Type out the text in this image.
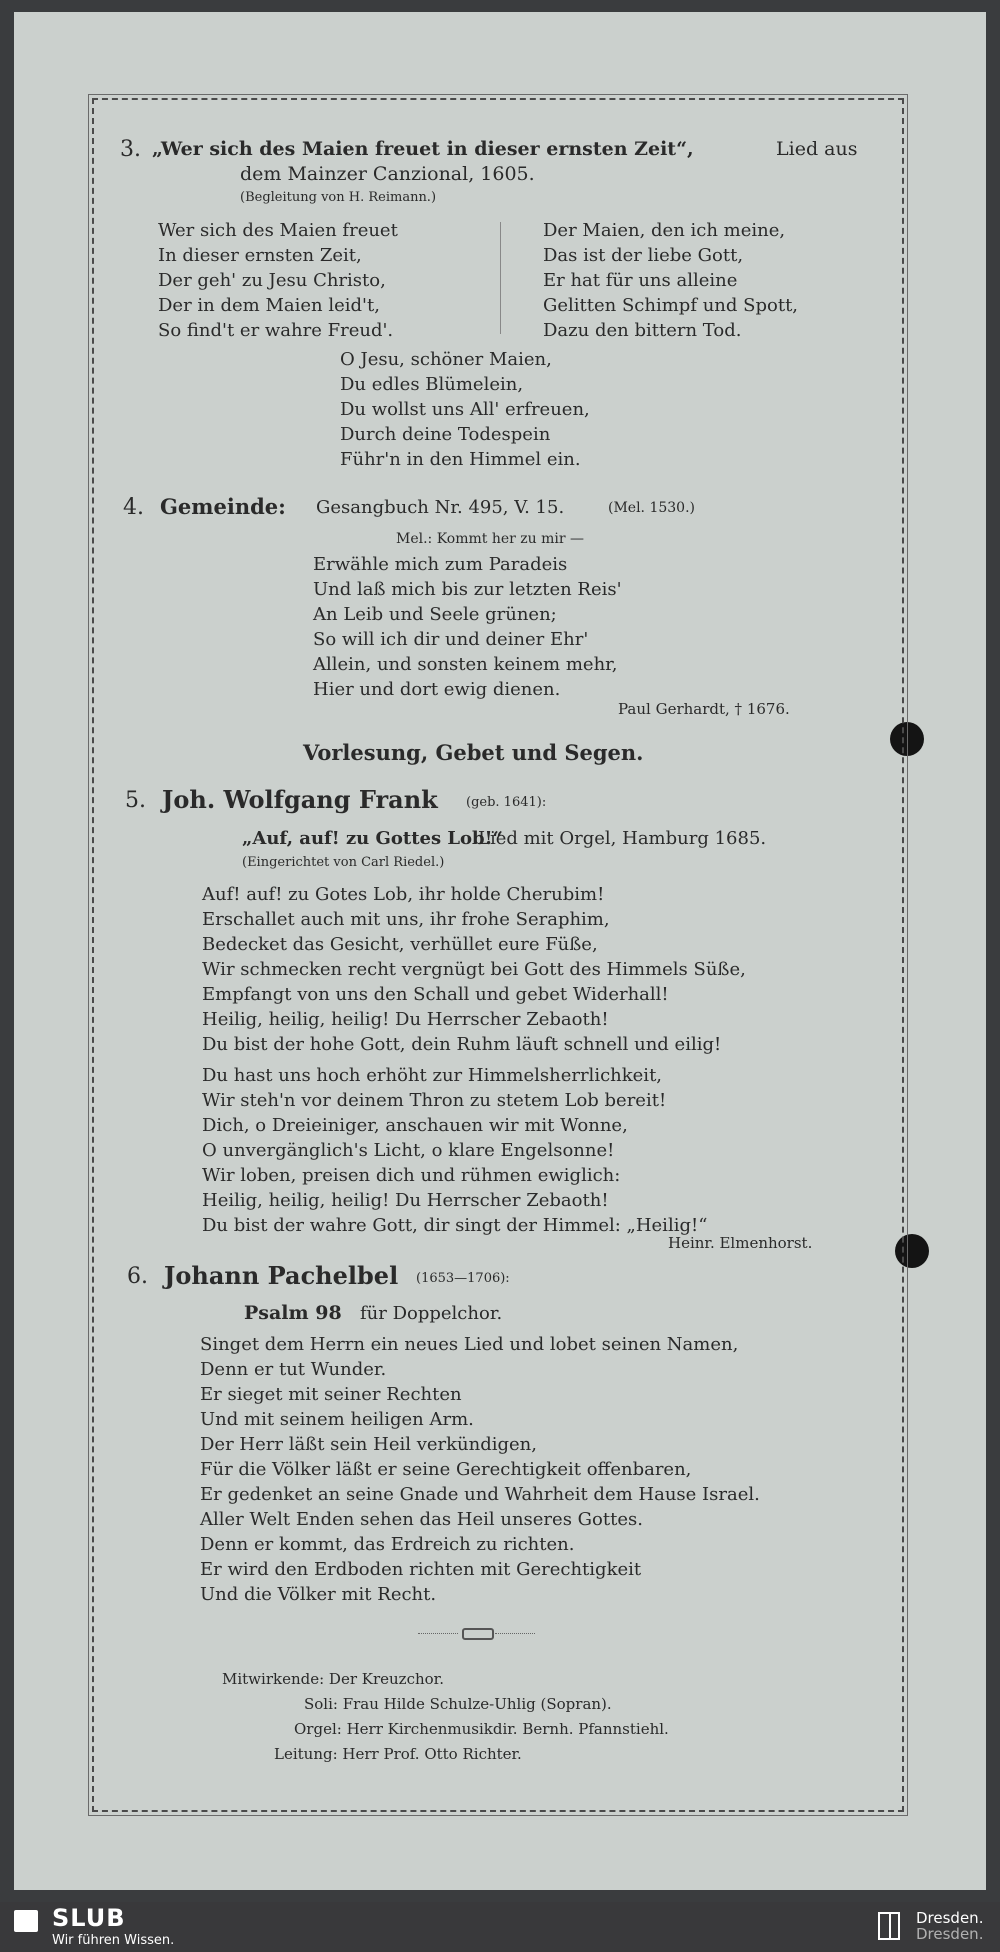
3. „Wer sich des Maien freuet in dieser ernsten Zeit“,	Lied aus

dem Mainzer Canzional, 1605.

(Begleitung von H. Reimann.)

Wer sich des Maien freuet
In dieser ernsten Zeit,
Der geh' zu Jesu Christo,
Der in dem Maien leid't,
So find't er wahre Freud'.
Der Maien, den ich meine,
Das ist der liebe Gott,
Er hat für uns alleine
Gelitten Schimpf und Spott,
Dazu den bittern Tod.
O Jesu, schöner Maien,
Du edles Blümelein,
Du wollst uns All' erfreuen,
Durch deine Todespein
Führ'n in den Himmel ein.

4. Gemeinde: Gesangbuch Nr. 495, V. 15.	(Mel. 1530.)

Mel.: Kommt her zu mir —

Erwähle mich zum Paradeis
Und laß mich bis zur letzten Reis'
An Leib und Seele grünen;
So will ich dir und deiner Ehr'
Allein, und sonsten keinem mehr,
Hier und dort ewig dienen.

Paul Gerhardt, † 1676.

Vorlesung, Gebet und Segen.

5. Joh. Wolfgang Frank (geb. 1641):

„Auf, auf! zu Gottes Lob!“

Lied mit Orgel, Hamburg 1685.

(Eingerichtet von Carl Riedel.)

Auf! auf! zu Gotes Lob, ihr holde Cherubim!
Erschallet auch mit uns, ihr frohe Seraphim,
Bedecket das Gesicht, verhüllet eure Füße,
Wir schmecken recht vergnügt bei Gott des Himmels Süße,
Empfangt von uns den Schall und gebet Widerhall!
Heilig, heilig, heilig! Du Herrscher Zebaoth!
Du bist der hohe Gott, dein Ruhm läuft schnell und eilig!
Du hast uns hoch erhöht zur Himmelsherrlichkeit,
Wir steh'n vor deinem Thron zu stetem Lob bereit!
Dich, o Dreieiniger, anschauen wir mit Wonne,
O unvergänglich's Licht, o klare Engelsonne!
Wir loben, preisen dich und rühmen ewiglich:
Heilig, heilig, heilig! Du Herrscher Zebaoth!
Du bist der wahre Gott, dir singt der Himmel: „Heilig!“

Heinr. Elmenhorst.

6. Johann Pachelbel (1653—1706):

Psalm 98 für Doppelchor.

Singet dem Herrn ein neues Lied und lobet seinen Namen,
Denn er tut Wunder.
Er sieget mit seiner Rechten
Und mit seinem heiligen Arm.
Der Herr läßt sein Heil verkündigen,
Für die Völker läßt er seine Gerechtigkeit offenbaren,
Er gedenket an seine Gnade und Wahrheit dem Hause Israel.
Aller Welt Enden sehen das Heil unseres Gottes.
Denn er kommt, das Erdreich zu richten.
Er wird den Erdboden richten mit Gerechtigkeit
Und die Völker mit Recht.

Mitwirkende: Der Kreuzchor.

Soli: Frau Hilde Schulze-Uhlig (Sopran).

Orgel: Herr Kirchenmusikdir. Bernh. Pfannstiehl.

Leitung: Herr Prof. Otto Richter.

SLUB
Wir führen Wissen.
Dresden.
Dresden.
